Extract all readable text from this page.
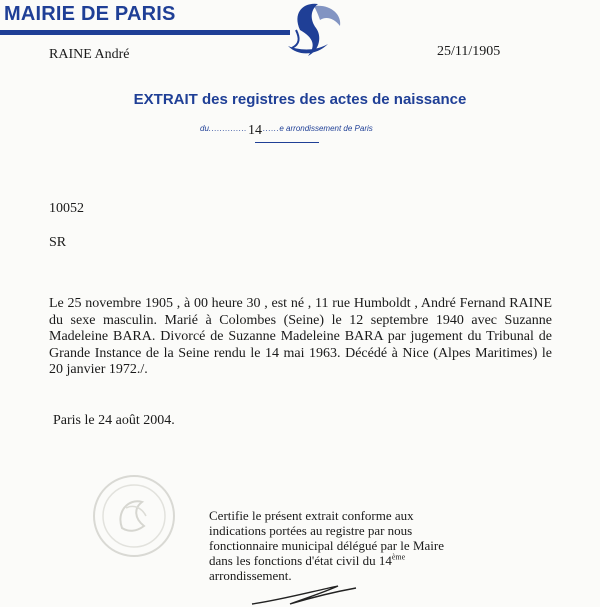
MAIRIE DE PARIS
RAINE André	25/11/1905
EXTRAIT des registres des actes de naissance
du..............14......e arrondissement de Paris
10052
SR
Le 25 novembre 1905 , à 00 heure 30 , est né , 11 rue Humboldt , André Fernand RAINE du sexe masculin. Marié à Colombes (Seine) le 12 septembre 1940 avec Suzanne Madeleine BARA. Divorcé de Suzanne Madeleine BARA par jugement du Tribunal de Grande Instance de la Seine rendu le 14 mai 1963. Décédé à Nice (Alpes Maritimes) le 20 janvier 1972./.
Paris le 24 août 2004.
Certifie le présent extrait conforme aux indications portées au registre par nous fonctionnaire municipal délégué par le Maire dans les fonctions d'état civil du 14ème arrondissement.
